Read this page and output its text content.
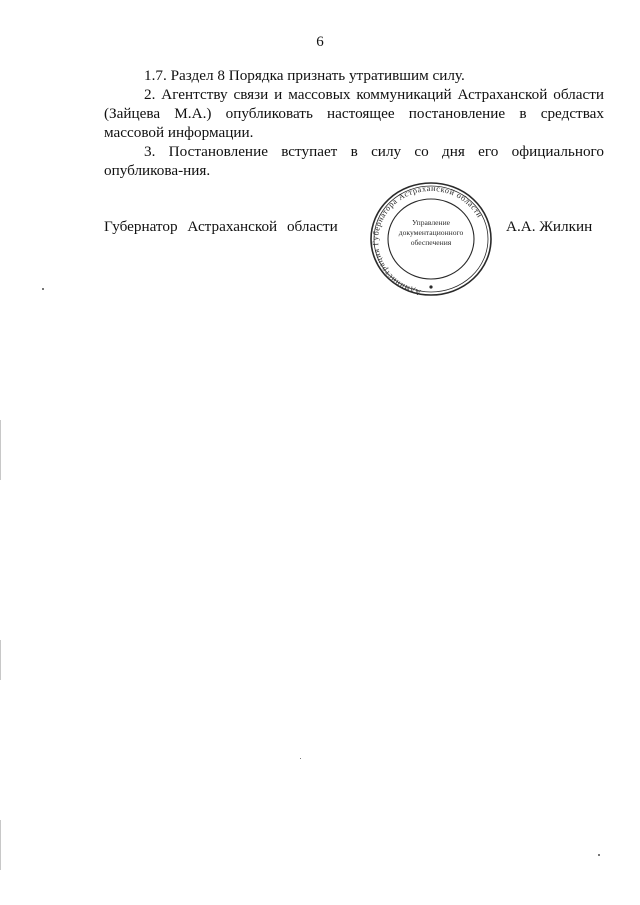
6

1.7. Раздел 8 Порядка признать утратившим силу.

2. Агентству связи и массовых коммуникаций Астраханской области (Зайцева М.А.) опубликовать настоящее постановление в средствах массовой информации.

3. Постановление вступает в силу со дня его официального опубликова-ния.

Губернатор Астраханской области
Администрация Губернатора Астраханской области
Управление
документационного
обеспечения
А.А. Жилкин
